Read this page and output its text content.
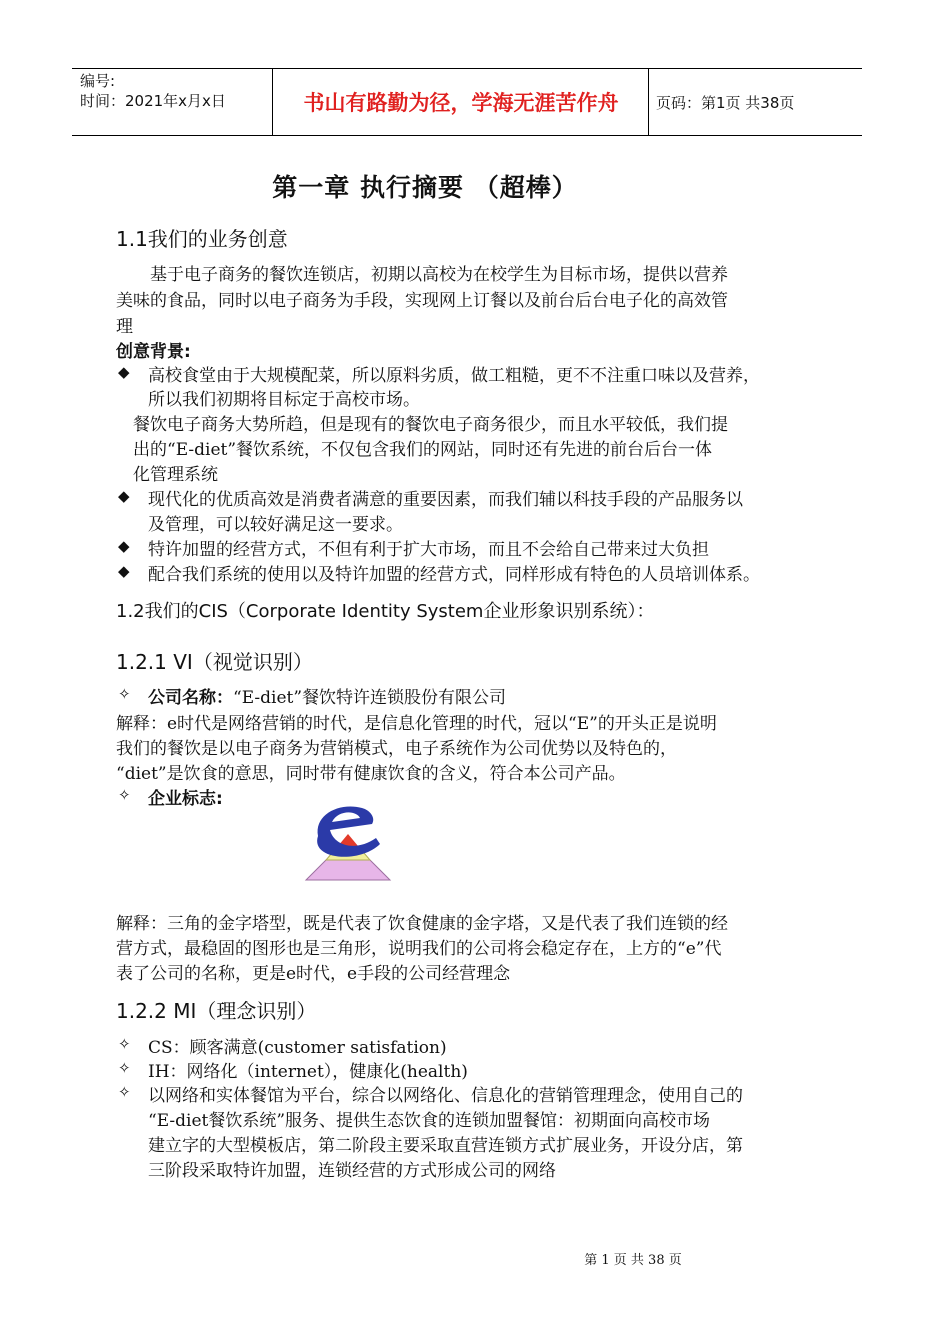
编号:
时间：2021年x月x日	书山有路勤为径，学海无涯苦作舟	页码：第1页 共38页
第一章 执行摘要 （超棒）
1.1我们的业务创意
基于电子商务的餐饮连锁店，初期以高校为在校学生为目标市场，提供以营养
美味的食品，同时以电子商务为手段，实现网上订餐以及前台后台电子化的高效管
理
创意背景:
◆ 高校食堂由于大规模配菜，所以原料劣质，做工粗糙，更不不注重口味以及营养，
所以我们初期将目标定于高校市场。
餐饮电子商务大势所趋，但是现有的餐饮电子商务很少，而且水平较低，我们提
出的“E-diet”餐饮系统，不仅包含我们的网站，同时还有先进的前台后台一体
化管理系统
◆ 现代化的优质高效是消费者满意的重要因素，而我们辅以科技手段的产品服务以
及管理，可以较好满足这一要求。
◆ 特许加盟的经营方式，不但有利于扩大市场，而且不会给自己带来过大负担
◆ 配合我们系统的使用以及特许加盟的经营方式，同样形成有特色的人员培训体系。
1.2我们的CIS（Corporate Identity System企业形象识别系统）：
1.2.1 VI（视觉识别）
✧ 公司名称：“E-diet”餐饮特许连锁股份有限公司
解释：e时代是网络营销的时代，是信息化管理的时代，冠以“E”的开头正是说明
我们的餐饮是以电子商务为营销模式，电子系统作为公司优势以及特色的，
“diet”是饮食的意思，同时带有健康饮食的含义，符合本公司产品。
✧ 企业标志:
解释：三角的金字塔型，既是代表了饮食健康的金字塔，又是代表了我们连锁的经
营方式，最稳固的图形也是三角形，说明我们的公司将会稳定存在，上方的“e”代
表了公司的名称，更是e时代，e手段的公司经营理念
1.2.2 MI（理念识别）
✧ CS：顾客满意(customer satisfation)
✧ IH：网络化（internet），健康化(health)
✧ 以网络和实体餐馆为平台，综合以网络化、信息化的营销管理理念，使用自己的
“E-diet餐饮系统”服务、提供生态饮食的连锁加盟餐馆：初期面向高校市场
建立字的大型模板店，第二阶段主要采取直营连锁方式扩展业务，开设分店，第
三阶段采取特许加盟，连锁经营的方式形成公司的网络
第 1 页 共 38 页
